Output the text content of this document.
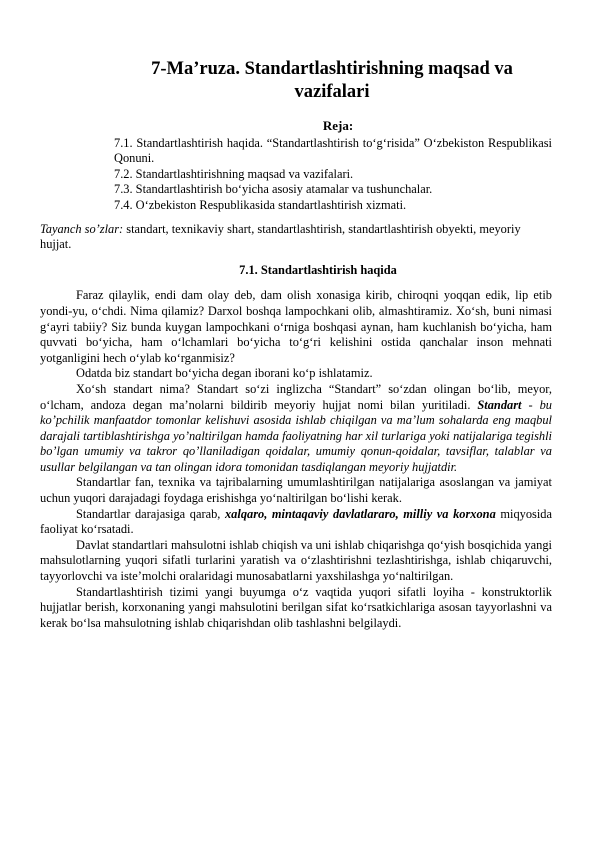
7-Ma’ruza. Standartlashtirishning maqsad va vazifalari
Reja:
7.1. Standartlashtirish haqida. “Standartlashtirish to‘g‘risida” O‘zbekiston Respublikasi Qonuni.
7.2. Standartlashtirishning maqsad va vazifalari.
7.3. Standartlashtirish bo‘yicha asosiy atamalar va tushunchalar.
7.4. O‘zbekiston Respublikasida standartlashtirish xizmati.

Tayanch so’zlar: standart, texnikaviy shart, standartlashtirish, standartlashtirish obyekti, meyoriy hujjat.

7.1. Standartlashtirish haqida

Faraz qilaylik, endi dam olay deb, dam olish xonasiga kirib, chiroqni yoqqan edik, lip etib yondi-yu, o‘chdi. Nima qilamiz? Darxol boshqa lampochkani olib, almashtiramiz. Xo‘sh, buni nimasi g‘ayri tabiiy? Siz bunda kuygan lampochkani o‘rniga boshqasi aynan, ham kuchlanish bo‘yicha, ham quvvati bo‘yicha, ham o‘lchamlari bo‘yicha to‘g‘ri kelishini ostida qanchalar inson mehnati yotganligini hech o‘ylab ko‘rganmisiz?

Odatda biz standart bo‘yicha degan iborani ko‘p ishlatamiz.

Xo‘sh standart nima? Standart so‘zi inglizcha “Standart” so‘zdan olingan bo‘lib, meyor, o‘lcham, andoza degan ma’nolarni bildirib meyoriy hujjat nomi bilan yuritiladi. Standart - bu ko’pchilik manfaatdor tomonlar kelishuvi asosida ishlab chiqilgan va ma’lum sohalarda eng maqbul darajali tartiblashtirishga yo’naltirilgan hamda faoliyatning har xil turlariga yoki natijalariga tegishli bo’lgan umumiy va takror qo’llaniladigan qoidalar, umumiy qonun-qoidalar, tavsiflar, talablar va usullar belgilangan va tan olingan idora tomonidan tasdiqlangan meyoriy hujjatdir.

Standartlar fan, texnika va tajribalarning umumlashtirilgan natijalariga asoslangan va jamiyat uchun yuqori darajadagi foydaga erishishga yo‘naltirilgan bo‘lishi kerak.

Standartlar darajasiga qarab, xalqaro, mintaqaviy davlatlararo, milliy va korxona miqyosida faoliyat ko‘rsatadi.

Davlat standartlari mahsulotni ishlab chiqish va uni ishlab chiqarishga qo‘yish bosqichida yangi mahsulotlarning yuqori sifatli turlarini yaratish va o‘zlashtirishni tezlashtirishga, ishlab chiqaruvchi, tayyorlovchi va iste’molchi oralaridagi munosabatlarni yaxshilashga yo‘naltirilgan.

Standartlashtirish tizimi yangi buyumga o‘z vaqtida yuqori sifatli loyiha - konstruktorlik hujjatlar berish, korxonaning yangi mahsulotini berilgan sifat ko‘rsatkichlariga asosan tayyorlashni va kerak bo‘lsa mahsulotning ishlab chiqarishdan olib tashlashni belgilaydi.
